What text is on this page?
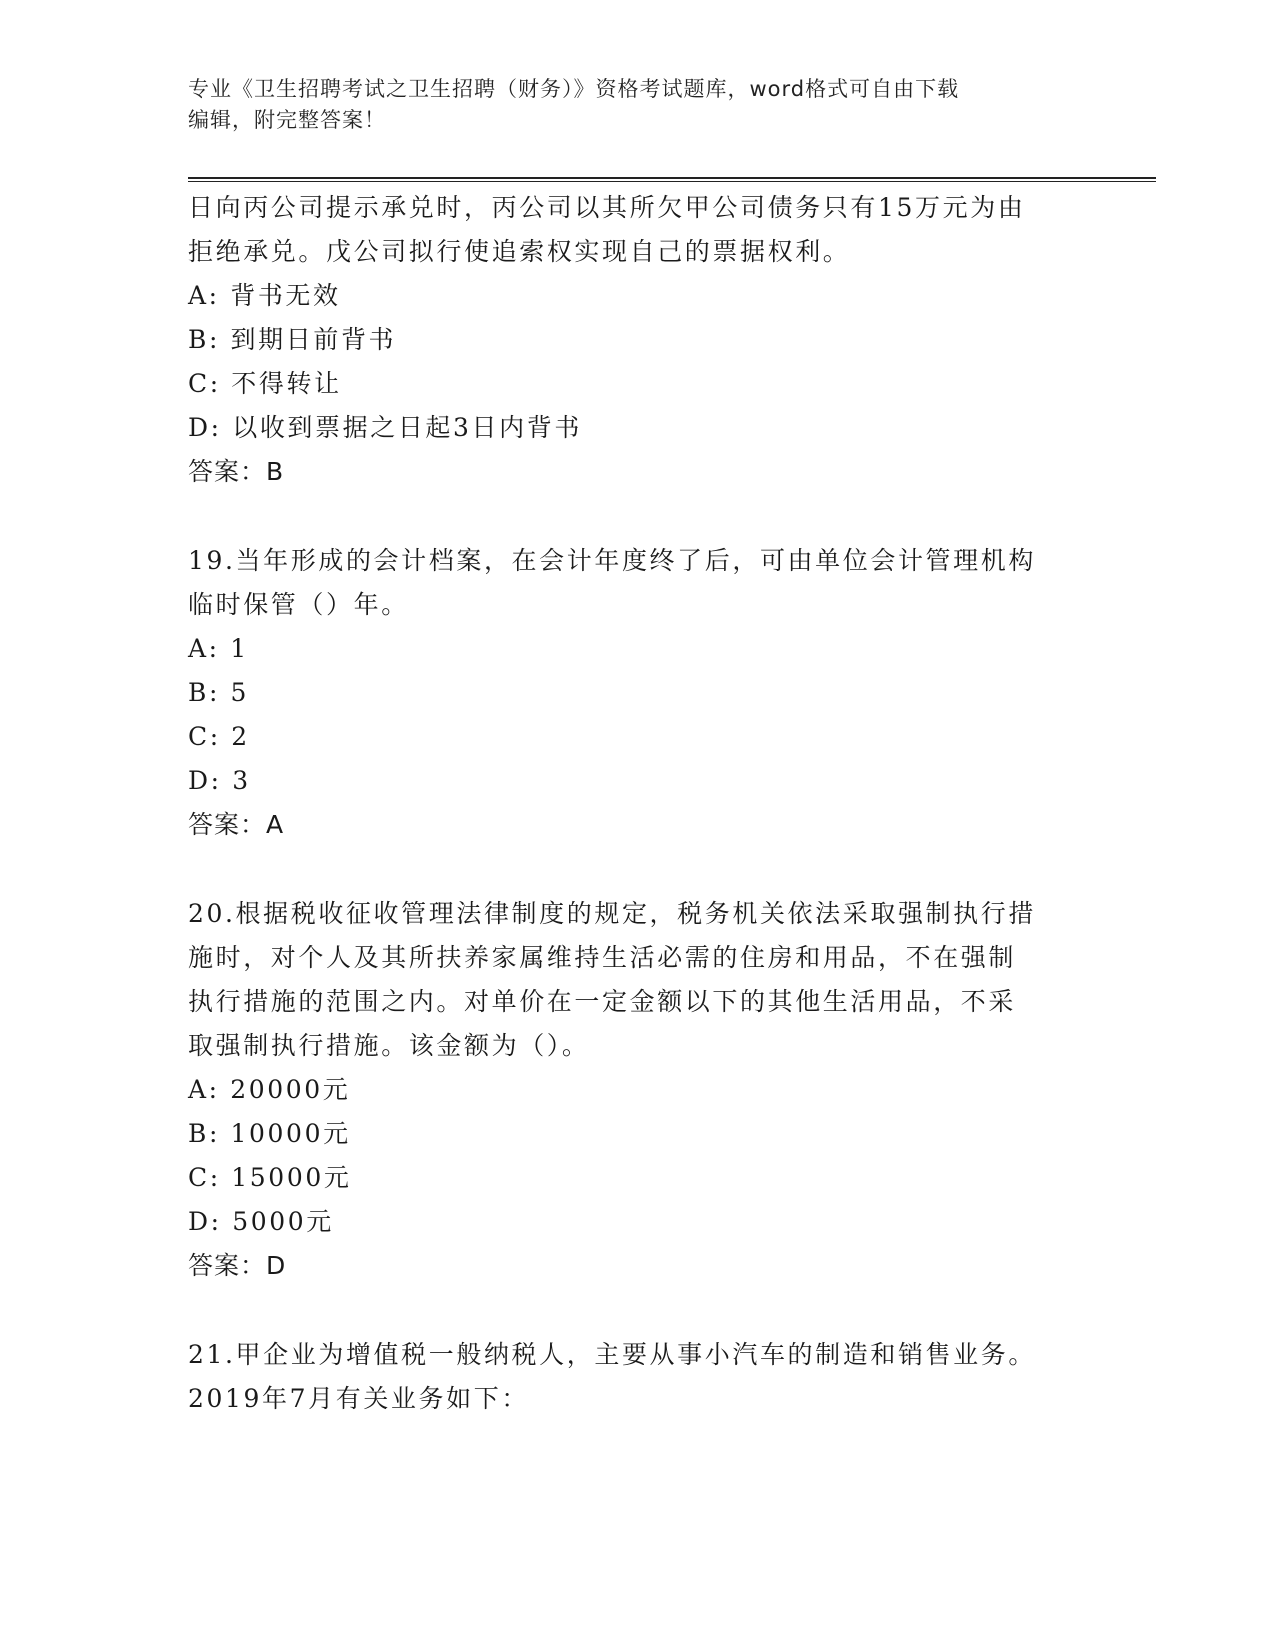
专业《卫生招聘考试之卫生招聘（财务）》资格考试题库，word格式可自由下载
编辑，附完整答案！
日向丙公司提示承兑时，丙公司以其所欠甲公司债务只有15万元为由
拒绝承兑。戊公司拟行使追索权实现自己的票据权利。
A: 背书无效
B: 到期日前背书
C: 不得转让
D: 以收到票据之日起3日内背书
答案：B
19.当年形成的会计档案，在会计年度终了后，可由单位会计管理机构
临时保管（）年。
A: 1
B: 5
C: 2
D: 3
答案：A
20.根据税收征收管理法律制度的规定，税务机关依法采取强制执行措
施时，对个人及其所扶养家属维持生活必需的住房和用品，不在强制
执行措施的范围之内。对单价在一定金额以下的其他生活用品，不采
取强制执行措施。该金额为（）。
A: 20000元
B: 10000元
C: 15000元
D: 5000元
答案：D
21.甲企业为增值税一般纳税人，主要从事小汽车的制造和销售业务。
2019年7月有关业务如下：
